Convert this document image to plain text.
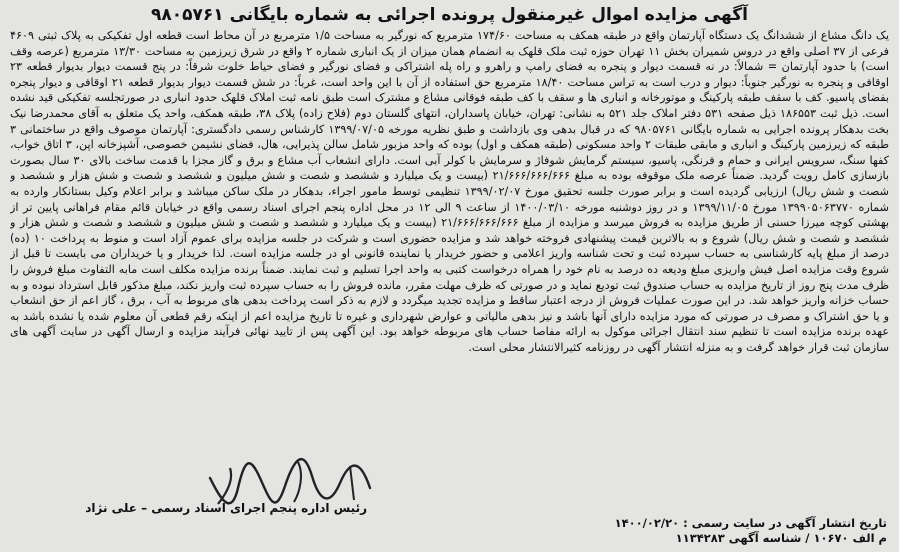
آگهی مزایده اموال غیرمنقول پرونده اجرائی به شماره بایگانی ۹۸۰۵۷۶۱

یک دانگ مشاع از ششدانگ یک دستگاه آپارتمان واقع در طبقه همکف به مساحت ۱۷۴/۶۰ مترمربع که نورگیر به مساحت ۱/۵ مترمربع در آن محاط است قطعه اول تفکیکی به پلاک ثبتی ۴۶۰۹ فرعی از ۳۷ اصلی واقع در دروس شمیران بخش ۱۱ تهران حوزه ثبت ملک قلهک به انضمام همان میزان از یک انباری شماره ۲ واقع در شرق زیرزمین به مساحت ۱۳/۳۰ مترمربع (عرصه وقف است) با حدود آپارتمان = شمالاً: در نه قسمت دیوار و پنجره به فضای رامپ و راهرو و راه پله اشتراکی و فضای نورگیر و فضای حیاط خلوت شرقاً: در پنج قسمت دیوار بدیوار قطعه ۲۳ اوقافی و پنجره به نورگیر جنوباً: دیوار و درب است به تراس مساحت ۱۸/۴۰ مترمربع حق استفاده از آن با این واحد است، غرباً: در شش قسمت دیوار بدیوار قطعه ۲۱ اوقافی و دیوار پنجره بفضای پاسیو. کف با سقف طبقه پارکینگ و موتورخانه و انباری ها و سقف با کف طبقه فوقانی مشاع و مشترک است طبق نامه ثبت املاک قلهک حدود انباری در صورتجلسه تفکیکی قید نشده است. ذیل ثبت ۱۸۶۵۵۳ ذیل صفحه ۵۳۱ دفتر املاک جلد ۵۲۱ به نشانی: تهران، خیابان پاسداران، انتهای گلستان دوم (فلاح زاده) پلاک ۳۸، طبقه همکف، واحد یک متعلق به آقای محمدرضا نیک بخت بدهکار پرونده اجرایی به شماره بایگانی ۹۸۰۵۷۶۱ که در قبال بدهی وی بازداشت و طبق نظریه مورخه ۱۳۹۹/۰۷/۰۵ کارشناس رسمی دادگستری: آپارتمان موصوف واقع در ساختمانی ۳ طبقه که زیرزمین پارکینگ و انباری و مابقی طبقات ۲ واحد مسکونی (طبقه همکف و اول) بوده که واحد مزبور شامل سالن پذیرایی، هال، فضای نشیمن خصوصی، آشپزخانه اپن، ۳ اتاق خواب، کفها سنگ، سرویس ایرانی و حمام و فرنگی، پاسیو، سیستم گرمایش شوفاژ و سرمایش با کولر آبی است. دارای انشعاب آب مشاع و برق و گاز مجزا با قدمت ساخت بالای ۳۰ سال بصورت بازسازی کامل رویت گردید. ضمناً عرصه ملک موقوفه بوده به مبلغ ۲۱/۶۶۶/۶۶۶/۶۶۶ (بیست و یک میلیارد و ششصد و شصت و شش میلیون و ششصد و شصت و شش هزار و ششصد و شصت و شش ریال) ارزیابی گردیده است و برابر صورت جلسه تحقیق مورخ ۱۳۹۹/۰۲/۰۷ تنظیمی توسط مامور اجراء، بدهکار در ملک ساکن میباشد و برابر اعلام وکیل بستانکار وارده به شماره ۱۳۹۹۰۵۰۶۳۷۷۰ مورخ ۱۳۹۹/۱۱/۰۵ و در روز دوشنبه مورخه ۱۴۰۰/۰۳/۱۰ از ساعت ۹ الی ۱۲ در محل اداره پنجم اجرای اسناد رسمی واقع در خیابان قائم مقام فراهانی پایین تر از بهشتی کوچه میرزا حسنی از طریق مزایده به فروش میرسد و مزایده از مبلغ ۲۱/۶۶۶/۶۶۶/۶۶۶ (بیست و یک میلیارد و ششصد و شصت و شش میلیون و ششصد و شصت و شش هزار و ششصد و شصت و شش ریال) شروع و به بالاترین قیمت پیشنهادی فروخته خواهد شد و مزایده حضوری است و شرکت در جلسه مزایده برای عموم آزاد است و منوط به پرداخت ۱۰ (ده) درصد از مبلغ پایه کارشناسی به حساب سپرده ثبت و تحت شناسه واریز اعلامی و حضور خریدار یا نماینده قانونی او در جلسه مزایده است. لذا خریدار و یا خریداران می بایست تا قبل از شروع وقت مزایده اصل فیش واریزی مبلغ ودیعه ده درصد به نام خود را همراه درخواست کتبی به واحد اجرا تسلیم و ثبت نمایند. ضمناً برنده مزایده مکلف است مابه التفاوت مبلغ فروش را ظرف مدت پنج روز از تاریخ مزایده به حساب صندوق ثبت تودیع نماید و در صورتی که ظرف مهلت مقرر، مانده فروش را به حساب سپرده ثبت واریز نکند، مبلغ مذکور قابل استرداد نبوده و به حساب خزانه واریز خواهد شد. در این صورت عملیات فروش از درجه اعتبار ساقط و مزایده تجدید میگردد و لازم به ذکر است پرداخت بدهی های مربوط به آب ، برق ، گاز اعم از حق انشعاب و یا حق اشتراک و مصرف در صورتی که مورد مزایده دارای آنها باشد و نیز بدهی مالیاتی و عوارض شهرداری و غیره تا تاریخ مزایده اعم از اینکه رقم قطعی آن معلوم شده یا نشده باشد به عهده برنده مزایده است تا تنظیم سند انتقال اجرائی موکول به ارائه مفاصا حساب های مربوطه خواهد بود. این آگهی پس از تایید نهائی فرآیند مزایده و ارسال آگهی در سایت آگهی های سازمان ثبت قرار خواهد گرفت و به منزله انتشار آگهی در روزنامه کثیرالانتشار محلی است.

رئیس اداره پنجم اجرای اسناد رسمی – علی نژاد
تاریخ انتشار آگهی در سایت رسمی : ۱۴۰۰/۰۲/۲۰
م الف ۱۰۶۷۰ / شناسه آگهی ۱۱۳۴۲۸۳
